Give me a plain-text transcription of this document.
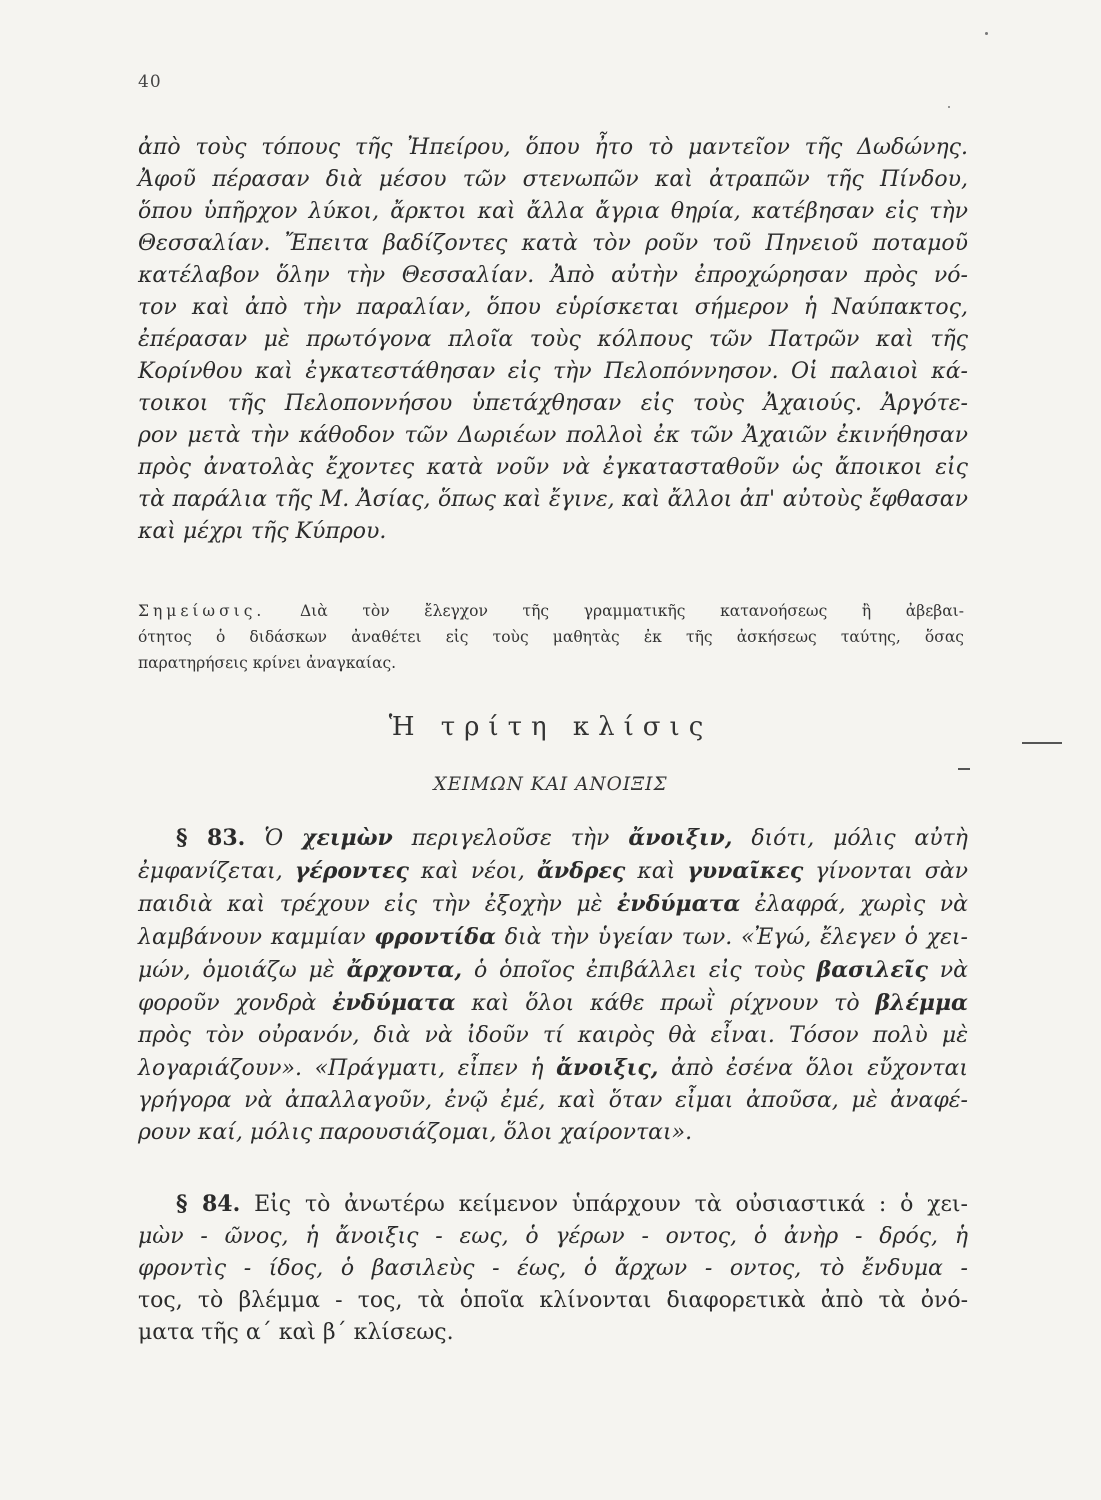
40
ἀπὸ τοὺς τόπους τῆς Ἠπείρου, ὅπου ἦτο τὸ μαντεῖον τῆς Δωδώνης.
Ἀφοῦ πέρασαν διὰ μέσου τῶν στενωπῶν καὶ ἀτραπῶν τῆς Πίνδου,
ὅπου ὑπῆρχον λύκοι, ἄρκτοι καὶ ἄλλα ἄγρια θηρία, κατέβησαν εἰς τὴν
Θεσσαλίαν. Ἔπειτα βαδίζοντες κατὰ τὸν ροῦν τοῦ Πηνειοῦ ποταμοῦ
κατέλαβον ὅλην τὴν Θεσσαλίαν. Ἀπὸ αὐτὴν ἐπροχώρησαν πρὸς νό-
τον καὶ ἀπὸ τὴν παραλίαν, ὅπου εὑρίσκεται σήμερον ἡ Ναύπακτος,
ἐπέρασαν μὲ πρωτόγονα πλοῖα τοὺς κόλπους τῶν Πατρῶν καὶ τῆς
Κορίνθου καὶ ἐγκατεστάθησαν εἰς τὴν Πελοπόννησον. Οἱ παλαιοὶ κά-
τοικοι τῆς Πελοποννήσου ὑπετάχθησαν εἰς τοὺς Ἀχαιούς. Ἀργότε-
ρον μετὰ τὴν κάθοδον τῶν Δωριέων πολλοὶ ἐκ τῶν Ἀχαιῶν ἐκινήθησαν
πρὸς ἀνατολὰς ἔχοντες κατὰ νοῦν νὰ ἐγκατασταθοῦν ὡς ἄποικοι εἰς
τὰ παράλια τῆς Μ. Ἀσίας, ὅπως καὶ ἔγινε, καὶ ἄλλοι ἀπ' αὐτοὺς ἔφθασαν
καὶ μέχρι τῆς Κύπρου.
Σημείωσις. Διὰ τὸν ἔλεγχον τῆς γραμματικῆς κατανοήσεως ἢ ἀβεβαι-
ότητος ὁ διδάσκων ἀναθέτει εἰς τοὺς μαθητὰς ἐκ τῆς ἀσκήσεως ταύτης, ὅσας
παρατηρήσεις κρίνει ἀναγκαίας.
Ἡ τρίτη κλίσις
ΧΕΙΜΩΝ ΚΑΙ ΑΝΟΙΞΙΣ
§ 83. Ὁ χειμὼν περιγελοῦσε τὴν ἄνοιξιν, διότι, μόλις αὐτὴ
ἐμφανίζεται, γέροντες καὶ νέοι, ἄνδρες καὶ γυναῖκες γίνονται σὰν
παιδιὰ καὶ τρέχουν εἰς τὴν ἐξοχὴν μὲ ἐνδύματα ἐλαφρά, χωρὶς νὰ
λαμβάνουν καμμίαν φροντίδα διὰ τὴν ὑγείαν των. «Ἐγώ, ἔλεγεν ὁ χει-
μών, ὁμοιάζω μὲ ἄρχοντα, ὁ ὁποῖος ἐπιβάλλει εἰς τοὺς βασιλεῖς νὰ
φοροῦν χονδρὰ ἐνδύματα καὶ ὅλοι κάθε πρωῒ ρίχνουν τὸ βλέμμα
πρὸς τὸν οὐρανόν, διὰ νὰ ἰδοῦν τί καιρὸς θὰ εἶναι. Τόσον πολὺ μὲ
λογαριάζουν». «Πράγματι, εἶπεν ἡ ἄνοιξις, ἀπὸ ἐσένα ὅλοι εὔχονται
γρήγορα νὰ ἀπαλλαγοῦν, ἐνῷ ἐμέ, καὶ ὅταν εἶμαι ἀποῦσα, μὲ ἀναφέ-
ρουν καί, μόλις παρουσιάζομαι, ὅλοι χαίρονται».
§ 84. Εἰς τὸ ἀνωτέρω κείμενον ὑπάρχουν τὰ οὐσιαστικά : ὁ χει-
μὼν - ῶνος, ἡ ἄνοιξις - εως, ὁ γέρων - οντος, ὁ ἀνὴρ - δρός, ἡ
φροντὶς - ίδος, ὁ βασιλεὺς - έως, ὁ ἄρχων - οντος, τὸ ἔνδυμα -
τος, τὸ βλέμμα - τος, τὰ ὁποῖα κλίνονται διαφορετικὰ ἀπὸ τὰ ὀνό-
ματα τῆς α΄ καὶ β΄ κλίσεως.
